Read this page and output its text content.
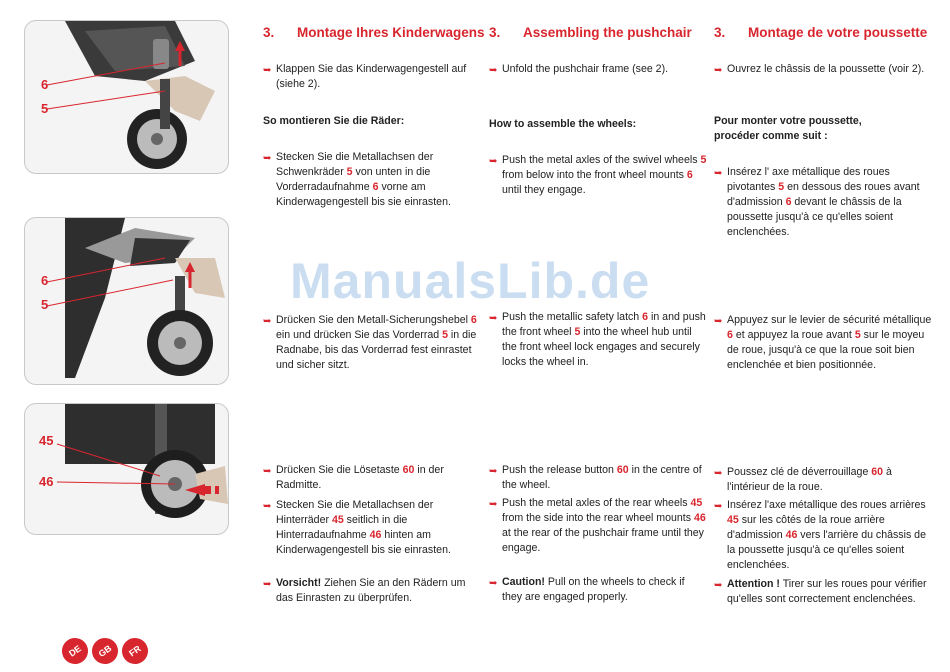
6
5
6
5
45
46
ManualsLib.de
3. Montage Ihres Kinderwagens
➥ Klappen Sie das Kinderwagengestell auf (siehe 2).
So montieren Sie die Räder:
➥ Stecken Sie die Metallachsen der Schwenkräder 5 von unten in die Vorderradaufnahme 6 vorne am Kinderwagengestell bis sie einrasten.
➥ Drücken Sie den Metall-Sicherungshebel 6 ein und drücken Sie das Vorderrad 5 in die Radnabe, bis das Vorderrad fest einrastet und sicher sitzt.
➥ Drücken Sie die Lösetaste 60 in der Radmitte.
➥ Stecken Sie die Metallachsen der Hinterräder 45 seitlich in die Hinterradaufnahme 46 hinten am Kinderwagengestell bis sie einrasten.
➥ Vorsicht! Ziehen Sie an den Rädern um das Einrasten zu überprüfen.
3. Assembling the pushchair
➥ Unfold the pushchair frame (see 2).
How to assemble the wheels:
➥ Push the metal axles of the swivel wheels 5 from below into the front wheel mounts 6 until they engage.
➥ Push the metallic safety latch 6 in and push the front wheel 5 into the wheel hub until the front wheel lock engages and securely locks the wheel in.
➥ Push the release button 60 in the centre of the wheel.
➥ Push the metal axles of the rear wheels 45 from the side into the rear wheel mounts 46 at the rear of the pushchair frame until they engage.
➥ Caution! Pull on the wheels to check if they are engaged properly.
3. Montage de votre poussette
➥ Ouvrez le châssis de la poussette (voir 2).
Pour monter votre poussette, procéder comme suit :
➥ Insérez l' axe métallique des roues pivotantes 5 en dessous des roues avant d'admission 6 devant le châssis de la poussette jusqu'à ce qu'elles soient enclenchées.
➥ Appuyez sur le levier de sécurité métallique 6 et appuyez la roue avant 5 sur le moyeu de roue, jusqu'à ce que la roue soit bien enclenchée et bien positionnée.
➥ Poussez clé de déverrouillage 60 à l'intérieur de la roue.
➥ Insérez l'axe métallique des roues arrières 45 sur les côtés de la roue arrière d'admission 46 vers l'arrière du châssis de la poussette jusqu'à ce qu'elles soient enclenchées.
➥ Attention ! Tirer sur les roues pour vérifier qu'elles sont correctement enclenchées.
DE	GB	FR
